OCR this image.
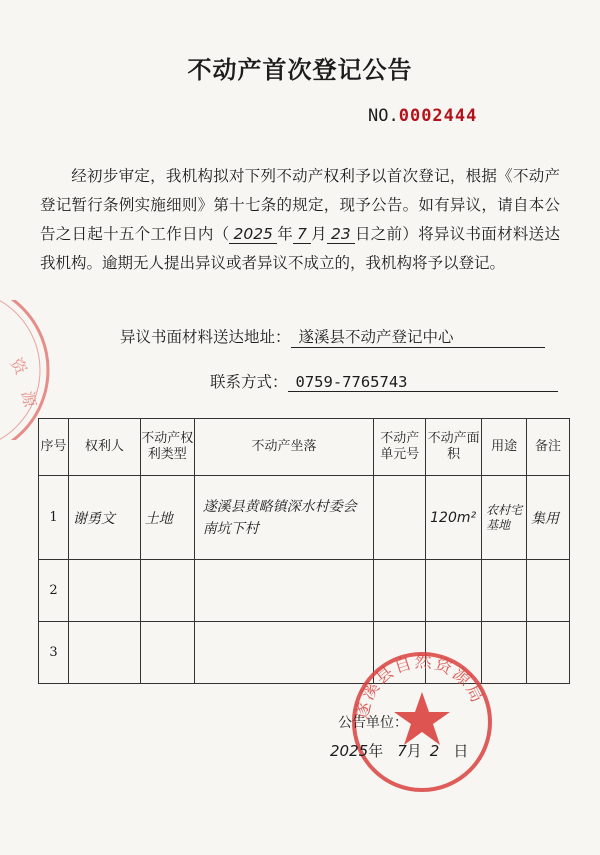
资
源
不动产首次登记公告
NO.0002444
经初步审定，我机构拟对下列不动产权利予以首次登记，根据《不动产登记暂行条例实施细则》第十七条的规定，现予公告。如有异议，请自本公告之日起十五个工作日内（ 2025 年 7 月 23 日之前）将异议书面材料送达我机构。逾期无人提出异议或者异议不成立的，我机构将予以登记。
异议书面材料送达地址： 遂溪县不动产登记中心
联系方式： 0759-7765743
序号	权利人	不动产权利类型	不动产坐落	不动产单元号	不动产面 积	用途	备注
1	谢勇文	土地	遂溪县黄略镇深水村委会南坑下村		120m²	农村宅基地	集用
2							
3							
遂溪县自然资源局
公告单位：
2025年 7月 2 日
